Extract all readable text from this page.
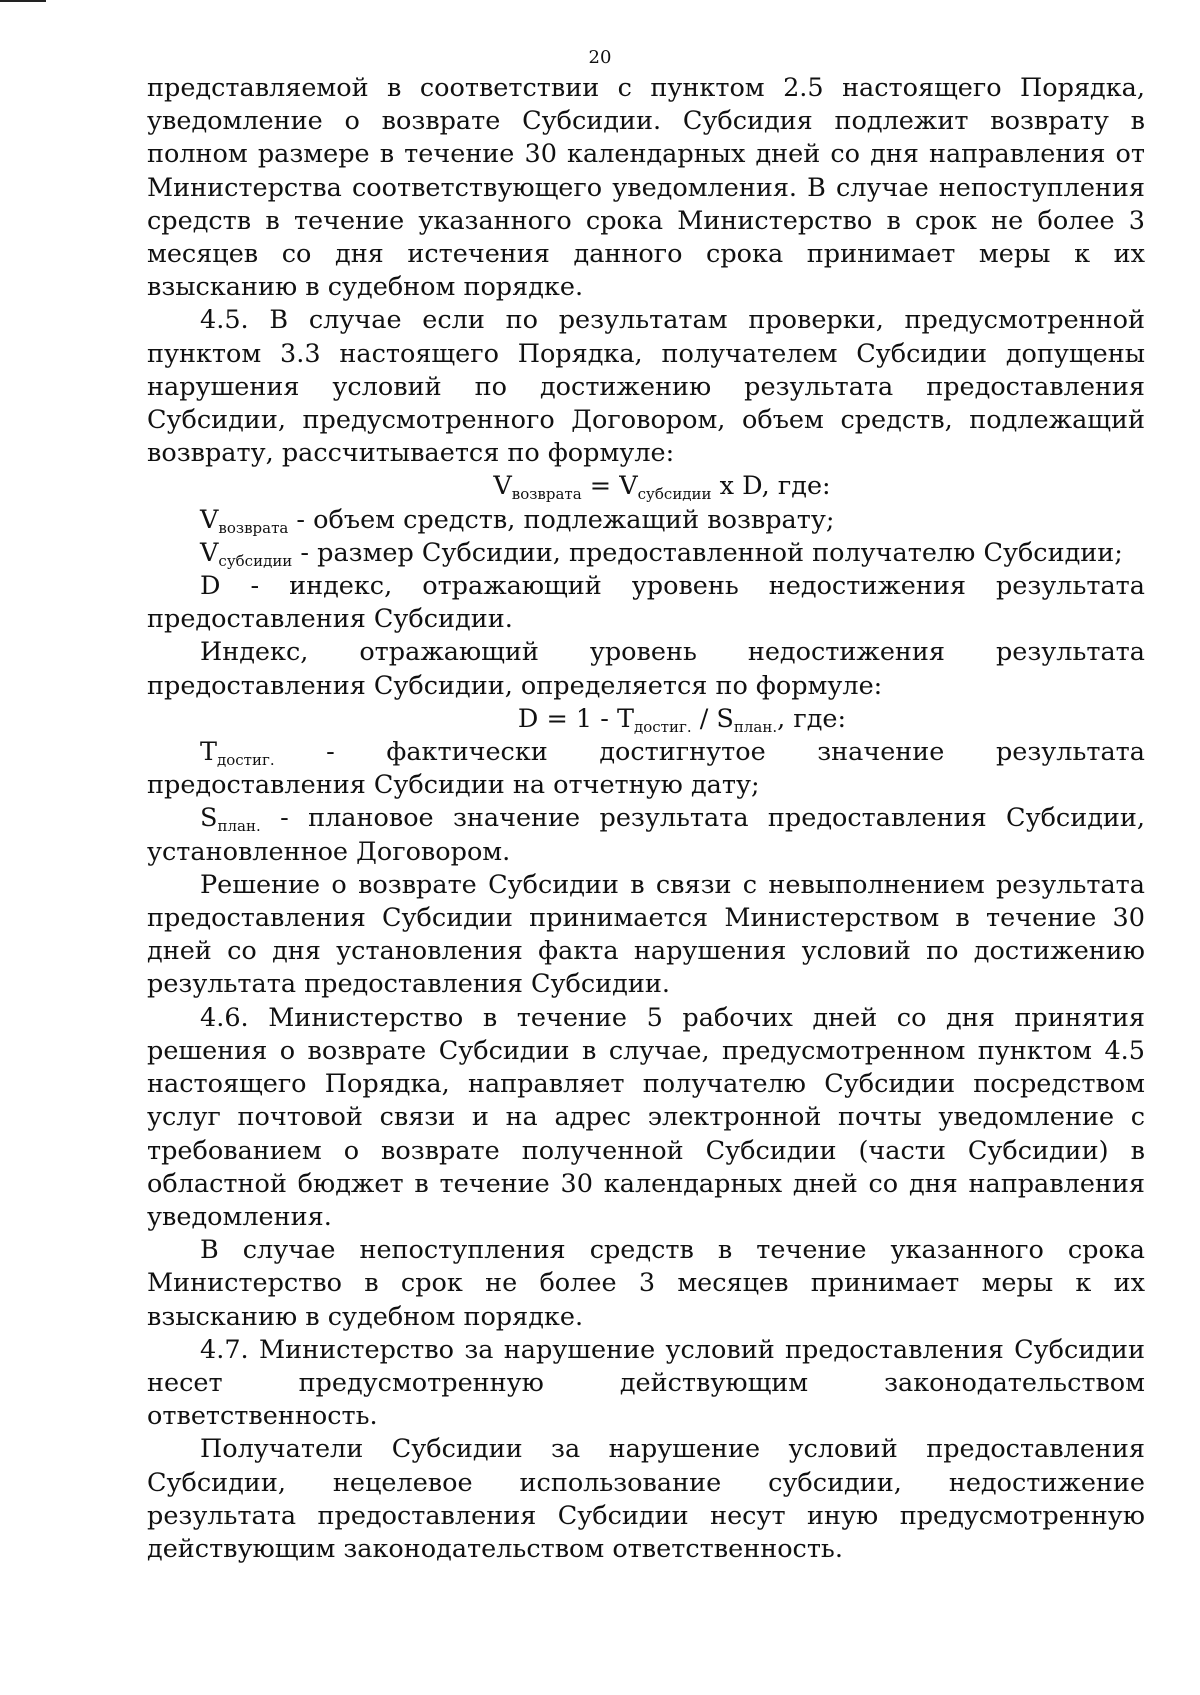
20

представляемой в соответствии с пунктом 2.5 настоящего Порядка, уведомление о возврате Субсидии. Субсидия подлежит возврату в полном размере в течение 30 календарных дней со дня направления от Министерства соответствующего уведомления. В случае непоступления средств в течение указанного срока Министерство в срок не более 3 месяцев со дня истечения данного срока принимает меры к их взысканию в судебном порядке.

4.5. В случае если по результатам проверки, предусмотренной пунктом 3.3 настоящего Порядка, получателем Субсидии допущены нарушения условий по достижению результата предоставления Субсидии, предусмотренного Договором, объем средств, подлежащий возврату, рассчитывается по формуле:

$V_{возврата} = V_{субсидии}$ x D, где:

$V_{возврата}$ - объем средств, подлежащий возврату;

$V_{субсидии}$ - размер Субсидии, предоставленной получателю Субсидии;

D - индекс, отражающий уровень недостижения результата предоставления Субсидии.

Индекс, отражающий уровень недостижения результата предоставления Субсидии, определяется по формуле:

$D = 1 - T_{достиг.} / S_{план.}$, где:

$T_{достиг.}$ - фактически достигнутое значение результата предоставления Субсидии на отчетную дату;

$S_{план.}$ - плановое значение результата предоставления Субсидии, установленное Договором.

Решение о возврате Субсидии в связи с невыполнением результата предоставления Субсидии принимается Министерством в течение 30 дней со дня установления факта нарушения условий по достижению результата предоставления Субсидии.

4.6. Министерство в течение 5 рабочих дней со дня принятия решения о возврате Субсидии в случае, предусмотренном пунктом 4.5 настоящего Порядка, направляет получателю Субсидии посредством услуг почтовой связи и на адрес электронной почты уведомление с требованием о возврате полученной Субсидии (части Субсидии) в областной бюджет в течение 30 календарных дней со дня направления уведомления.

В случае непоступления средств в течение указанного срока Министерство в срок не более 3 месяцев принимает меры к их взысканию в судебном порядке.

4.7. Министерство за нарушение условий предоставления Субсидии несет предусмотренную действующим законодательством ответственность.

Получатели Субсидии за нарушение условий предоставления Субсидии, нецелевое использование субсидии, недостижение результата предоставления Субсидии несут иную предусмотренную действующим законодательством ответственность.
